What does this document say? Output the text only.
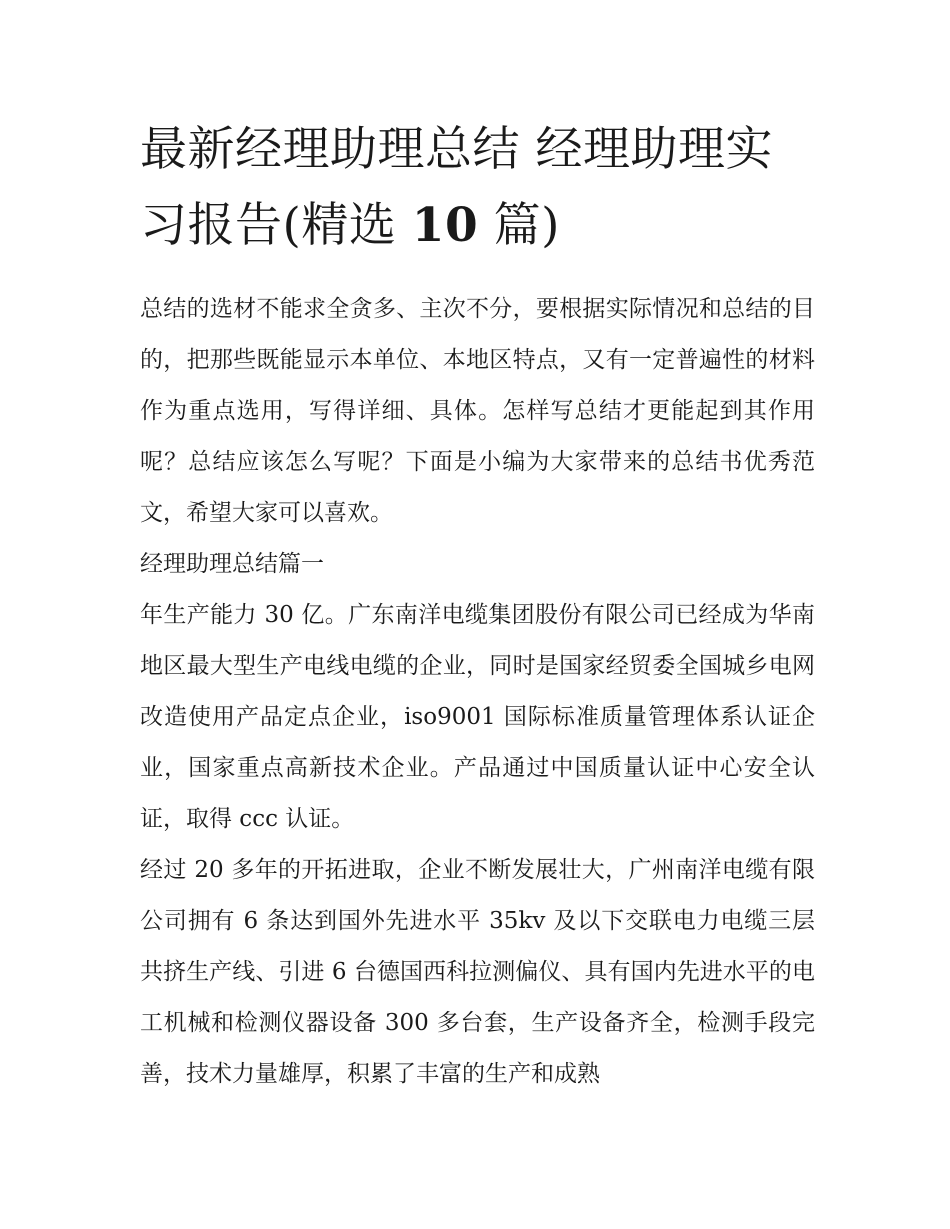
最新经理助理总结 经理助理实
习报告(精选 10 篇)

总结的选材不能求全贪多、主次不分，要根据实际情况和总结的目的，把那些既能显示本单位、本地区特点，又有一定普遍性的材料作为重点选用，写得详细、具体。怎样写总结才更能起到其作用呢？总结应该怎么写呢？下面是小编为大家带来的总结书优秀范文，希望大家可以喜欢。

经理助理总结篇一

年生产能力 30 亿。广东南洋电缆集团股份有限公司已经成为华南地区最大型生产电线电缆的企业，同时是国家经贸委全国城乡电网改造使用产品定点企业，iso9001 国际标准质量管理体系认证企业，国家重点高新技术企业。产品通过中国质量认证中心安全认证，取得 ccc 认证。

经过 20 多年的开拓进取，企业不断发展壮大，广州南洋电缆有限公司拥有 6 条达到国外先进水平 35kv 及以下交联电力电缆三层共挤生产线、引进 6 台德国西科拉测偏仪、具有国内先进水平的电工机械和检测仪器设备 300 多台套，生产设备齐全，检测手段完善，技术力量雄厚，积累了丰富的生产和成熟
